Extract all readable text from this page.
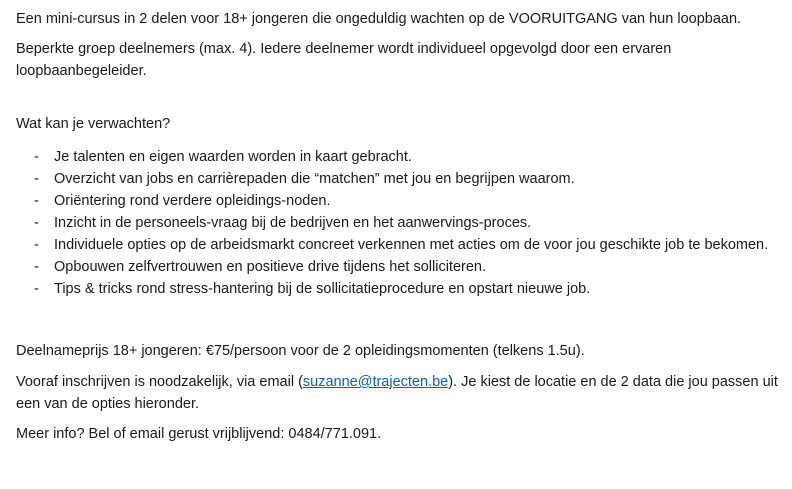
Een mini-cursus in 2 delen voor 18+ jongeren die ongeduldig wachten op de VOORUITGANG van hun loopbaan.

Beperkte groep deelnemers (max. 4). Iedere deelnemer wordt individueel opgevolgd door een ervaren loopbaanbegeleider.

Wat kan je verwachten?

- Je talenten en eigen waarden worden in kaart gebracht.
- Overzicht van jobs en carrièrepaden die “matchen” met jou en begrijpen waarom.
- Oriëntering rond verdere opleidings-noden.
- Inzicht in de personeels-vraag bij de bedrijven en het aanwervings-proces.
- Individuele opties op de arbeidsmarkt concreet verkennen met acties om de voor jou geschikte job te bekomen.
- Opbouwen zelfvertrouwen en positieve drive tijdens het solliciteren.
- Tips & tricks rond stress-hantering bij de sollicitatieprocedure en opstart nieuwe job.

Deelnameprijs 18+ jongeren: €75/persoon voor de 2 opleidingsmomenten (telkens 1.5u).

Vooraf inschrijven is noodzakelijk, via email (suzanne@trajecten.be). Je kiest de locatie en de 2 data die jou passen uit een van de opties hieronder.

Meer info? Bel of email gerust vrijblijvend: 0484/771.091.
